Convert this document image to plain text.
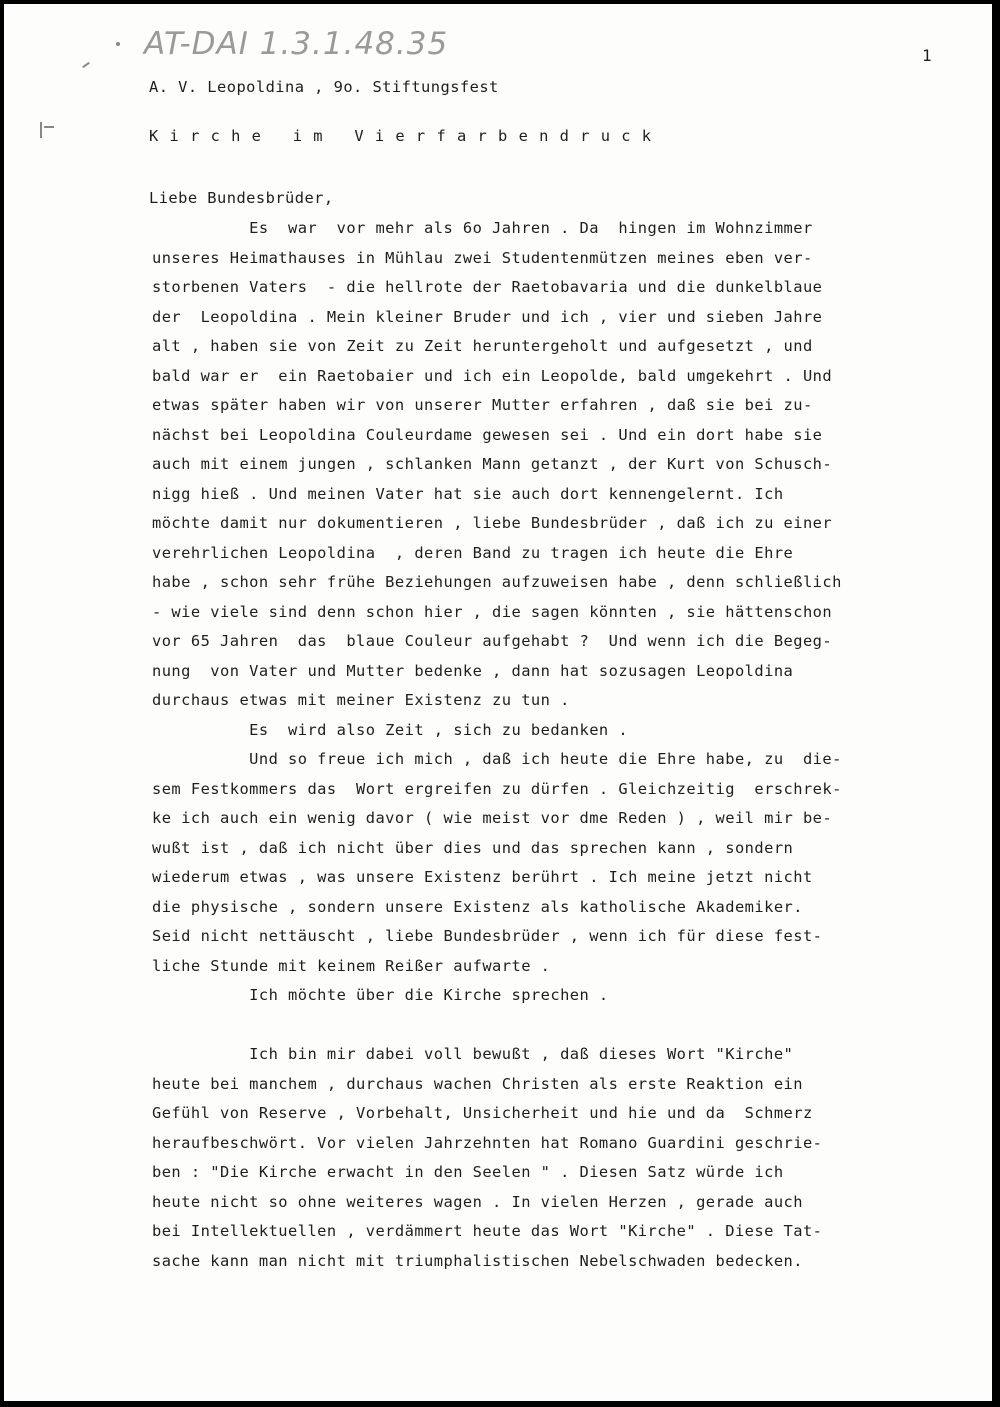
AT-DAI 1.3.1.48.35	1
A. V. Leopoldina , 9o. Stiftungsfest
K i r c h e   i m   V i e r f a r b e n d r u c k
Liebe Bundesbrüder,
Es  war  vor mehr als 6o Jahren . Da  hingen im Wohnzimmer
unseres Heimathauses in Mühlau zwei Studentenmützen meines eben ver-
storbenen Vaters  - die hellrote der Raetobavaria und die dunkelblaue
der  Leopoldina . Mein kleiner Bruder und ich , vier und sieben Jahre
alt , haben sie von Zeit zu Zeit heruntergeholt und aufgesetzt , und
bald war er  ein Raetobaier und ich ein Leopolde, bald umgekehrt . Und
etwas später haben wir von unserer Mutter erfahren , daß sie bei zu-
nächst bei Leopoldina Couleurdame gewesen sei . Und ein dort habe sie
auch mit einem jungen , schlanken Mann getanzt , der Kurt von Schusch-
nigg hieß . Und meinen Vater hat sie auch dort kennengelernt. Ich
möchte damit nur dokumentieren , liebe Bundesbrüder , daß ich zu einer
verehrlichen Leopoldina  , deren Band zu tragen ich heute die Ehre
habe , schon sehr frühe Beziehungen aufzuweisen habe , denn schließlich
- wie viele sind denn schon hier , die sagen könnten , sie hättenschon
vor 65 Jahren  das  blaue Couleur aufgehabt ?  Und wenn ich die Begeg-
nung  von Vater und Mutter bedenke , dann hat sozusagen Leopoldina
durchaus etwas mit meiner Existenz zu tun .
Es  wird also Zeit , sich zu bedanken .
Und so freue ich mich , daß ich heute die Ehre habe, zu  die-
sem Festkommers das  Wort ergreifen zu dürfen . Gleichzeitig  erschrek-
ke ich auch ein wenig davor ( wie meist vor dme Reden ) , weil mir be-
wußt ist , daß ich nicht über dies und das sprechen kann , sondern
wiederum etwas , was unsere Existenz berührt . Ich meine jetzt nicht
die physische , sondern unsere Existenz als katholische Akademiker.
Seid nicht nettäuscht , liebe Bundesbrüder , wenn ich für diese fest-
liche Stunde mit keinem Reißer aufwarte .
Ich möchte über die Kirche sprechen .
Ich bin mir dabei voll bewußt , daß dieses Wort "Kirche"
heute bei manchem , durchaus wachen Christen als erste Reaktion ein
Gefühl von Reserve , Vorbehalt, Unsicherheit und hie und da  Schmerz
heraufbeschwört. Vor vielen Jahrzehnten hat Romano Guardini geschrie-
ben : "Die Kirche erwacht in den Seelen " . Diesen Satz würde ich
heute nicht so ohne weiteres wagen . In vielen Herzen , gerade auch
bei Intellektuellen , verdämmert heute das Wort "Kirche" . Diese Tat-
sache kann man nicht mit triumphalistischen Nebelschwaden bedecken.
